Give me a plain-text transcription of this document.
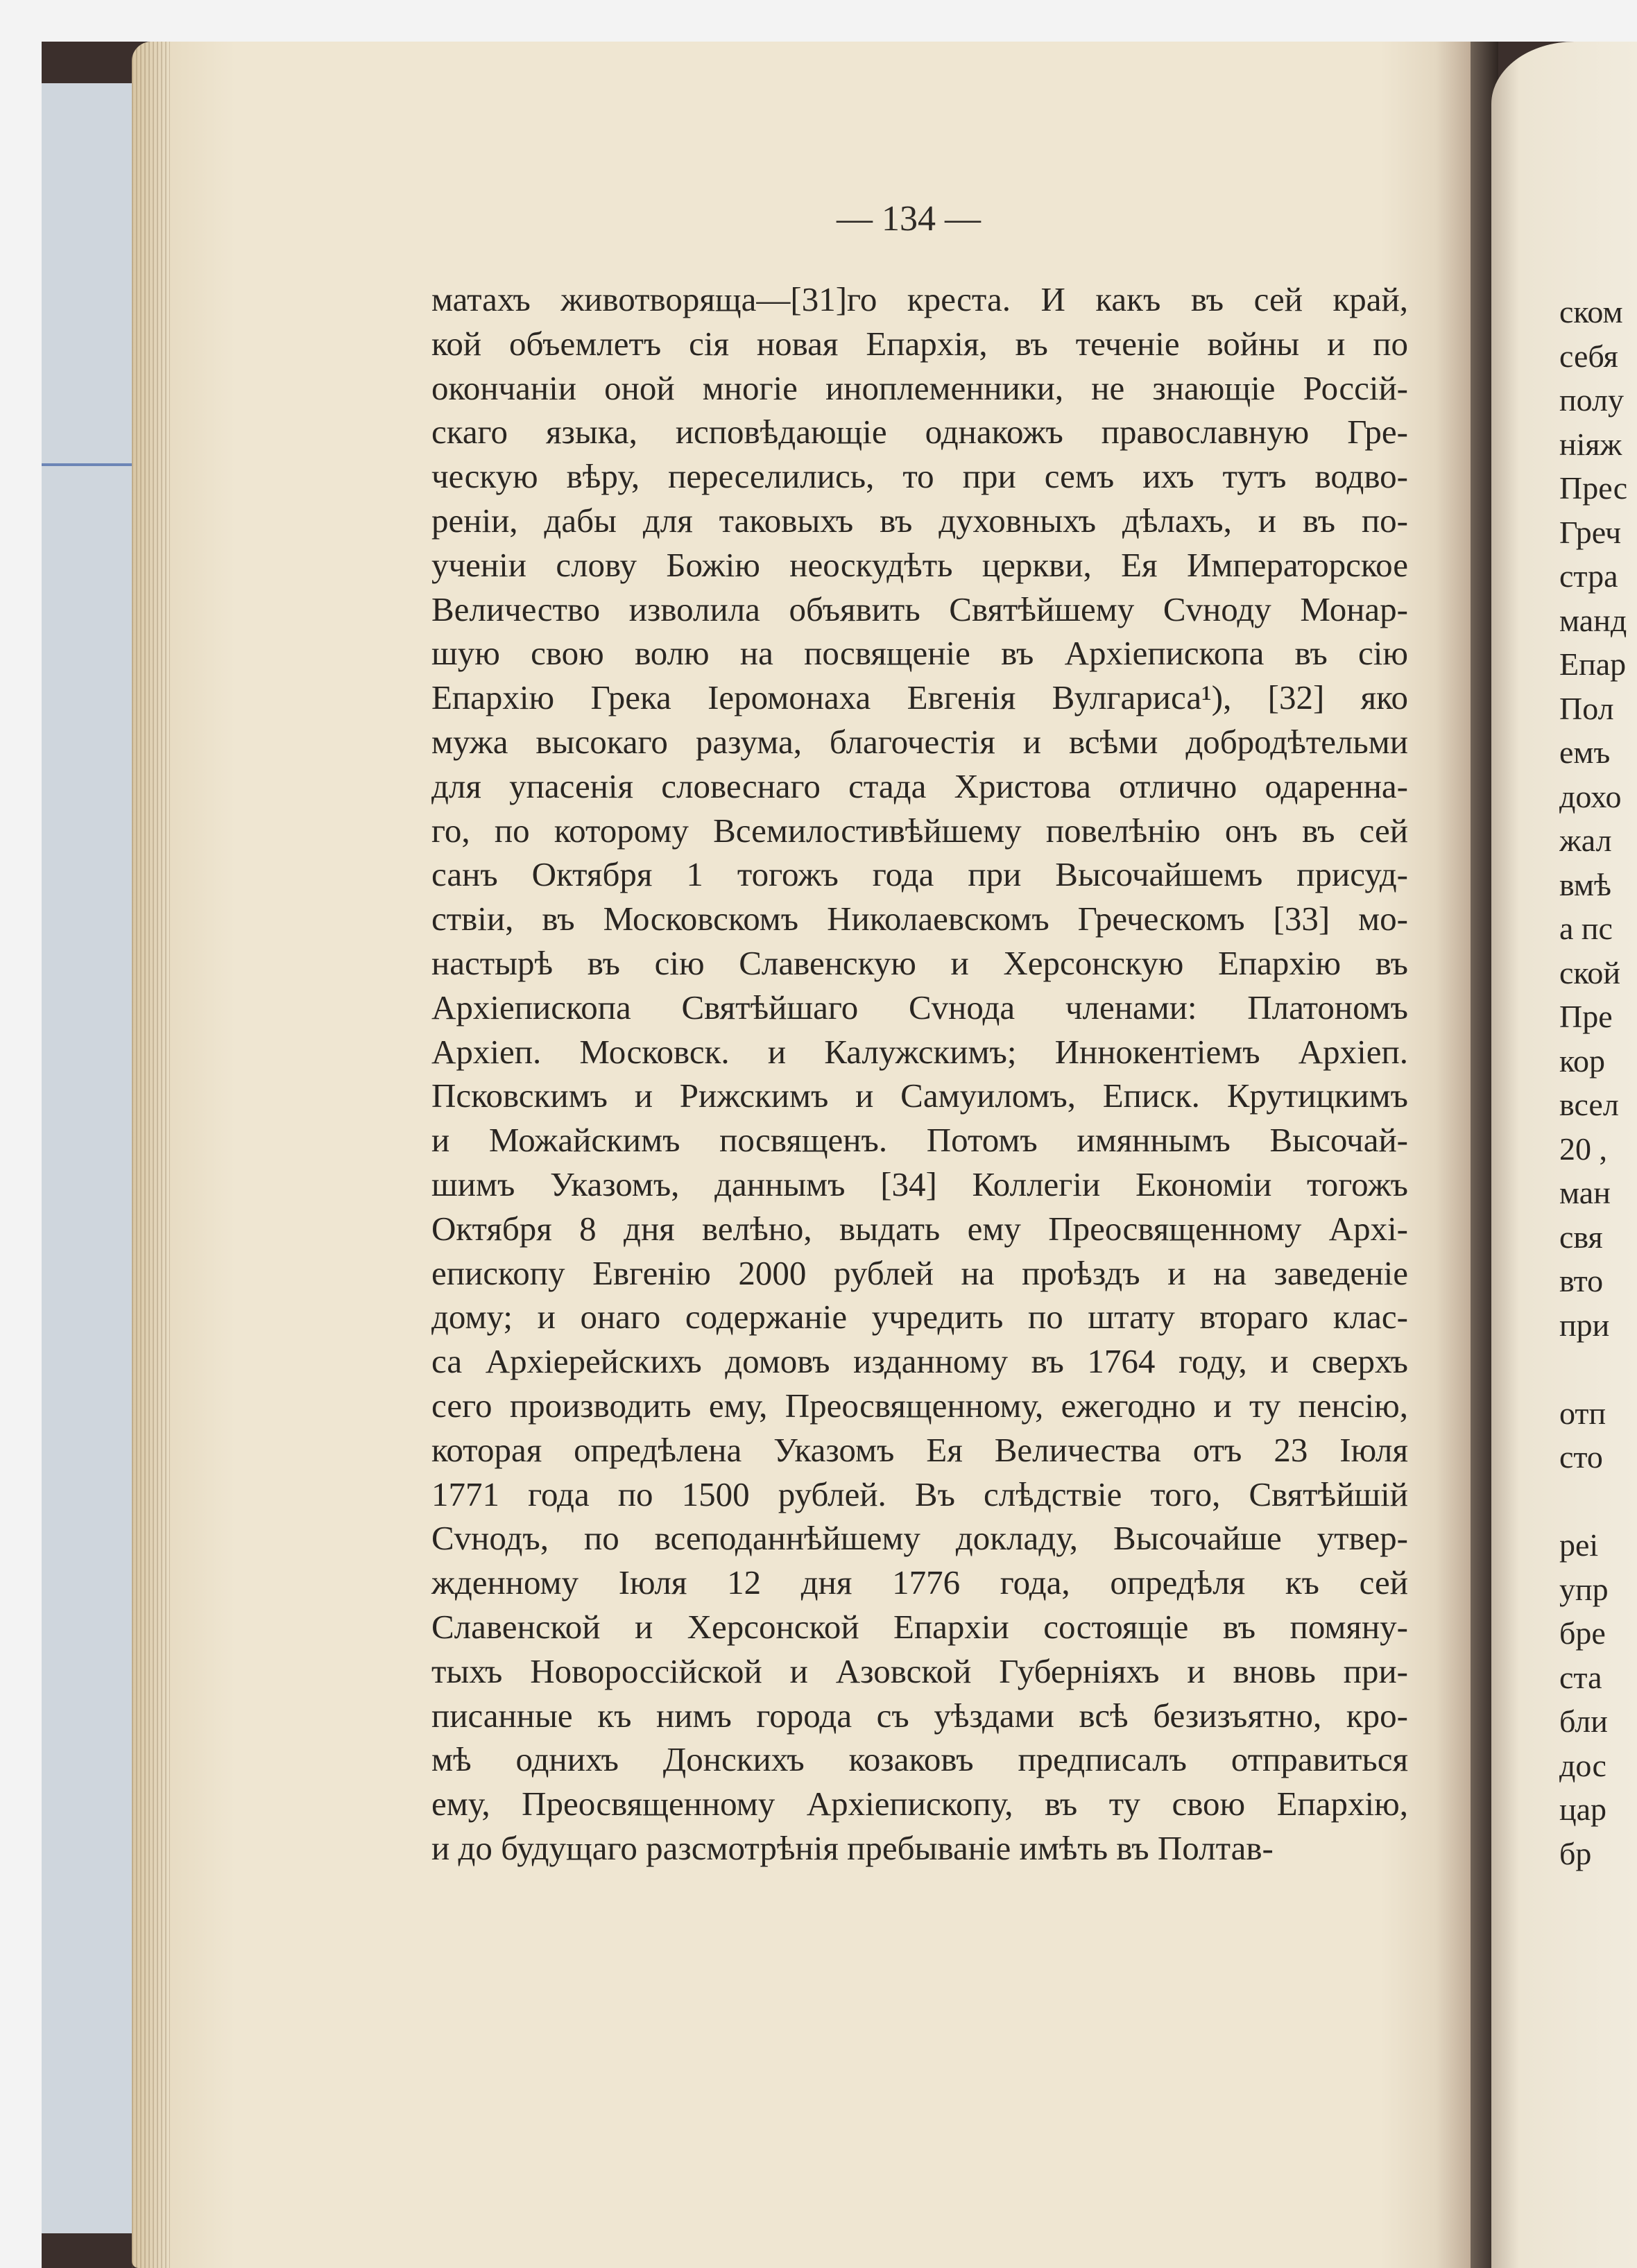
— 134 —
матахъ животворяща—[31]го креста. И какъ въ сей край,
кой объемлетъ сія новая Епархія, въ теченіе войны и по
окончаніи оной многіе иноплеменники, не знающіе Россій-
скаго языка, исповѣдающіе однакожъ православную Гре-
ческую вѣру, переселились, то при семъ ихъ тутъ водво-
реніи, дабы для таковыхъ въ духовныхъ дѣлахъ, и въ по-
ученіи слову Божію неоскудѣть церкви, Ея Императорское
Величество изволила объявить Святѣйшему Сvноду Монар-
шую свою волю на посвященіе въ Архіепископа въ сію
Епархію Грека Іеромонаха Евгенія Вулгариса¹), [32] яко
мужа высокаго разума, благочестія и всѣми добродѣтельми
для упасенія словеснаго стада Христова отлично одаренна-
го, по которому Всемилостивѣйшему повелѣнію онъ въ сей
санъ Октября 1 тогожъ года при Высочайшемъ присуд-
ствіи, въ Московскомъ Николаевскомъ Греческомъ [33] мо-
настырѣ въ сію Славенскую и Херсонскую Епархію въ
Архіепископа Святѣйшаго Сvнода членами: Платономъ
Архіеп. Московск. и Калужскимъ; Иннокентіемъ Архіеп.
Псковскимъ и Рижскимъ и Самуиломъ, Еписк. Крутицкимъ
и Можайскимъ посвященъ. Потомъ имяннымъ Высочай-
шимъ Указомъ, даннымъ [34] Коллегіи Економіи тогожъ
Октября 8 дня велѣно, выдать ему Преосвященному Архі-
епископу Евгенію 2000 рублей на проѣздъ и на заведеніе
дому; и онаго содержаніе учредить по штату втораго клас-
са Архіерейскихъ домовъ изданному въ 1764 году, и сверхъ
сего производить ему, Преосвященному, ежегодно и ту пенсію,
которая опредѣлена Указомъ Ея Величества отъ 23 Іюля
1771 года по 1500 рублей. Въ слѣдствіе того, Святѣйшій
Сvнодъ, по всеподаннѣйшему докладу, Высочайше утвер-
жденному Іюля 12 дня 1776 года, опредѣля къ сей
Славенской и Херсонской Епархіи состоящіе въ помяну-
тыхъ Новороссійской и Азовской Губерніяхъ и вновь при-
писанные къ нимъ города съ уѣздами всѣ безизъятно, кро-
мѣ однихъ Донскихъ козаковъ предписалъ отправиться
ему, Преосвященному Архіепископу, въ ту свою Епархію,
и до будущаго разсмотрѣнія пребываніе имѣть въ Полтав-
ском
себя
полу
ніяж
Прес
Греч
стра
манд
Епар
Пол
емъ
дохо
жал
вмѣ
а пс
ской
Пре
кор
всел
20 ,
ман
свя
вто
при
отп
сто
реі
упр
бре
ста
бли
дос
цар
бр
